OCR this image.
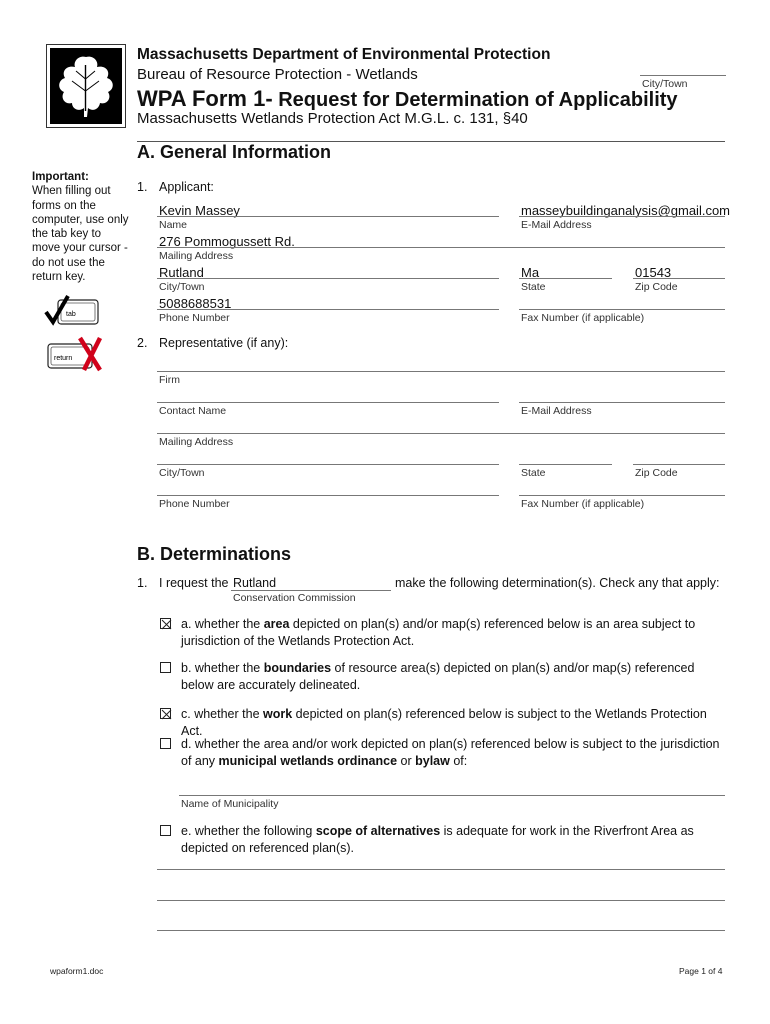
Massachusetts Department of Environmental Protection
Bureau of Resource Protection - Wetlands
WPA Form 1- Request for Determination of Applicability
Massachusetts Wetlands Protection Act M.G.L. c. 131, §40
City/Town
Important:
When filling out forms on the computer, use only the tab key to move your cursor - do not use the return key.
tab
return
A. General Information
1. Applicant:
Kevin Massey
Name
masseybuildinganalysis@gmail.com
E-Mail Address
276 Pommogussett Rd.
Mailing Address
Rutland
City/Town
Ma
State
01543
Zip Code
5088688531
Phone Number	Fax Number (if applicable)
2. Representative (if any):
Firm
Contact Name	E-Mail Address
Mailing Address
City/Town	State	Zip Code
Phone Number	Fax Number (if applicable)
B. Determinations
1. I request the Rutland	make the following determination(s). Check any that apply:
Conservation Commission
a. whether the area depicted on plan(s) and/or map(s) referenced below is an area subject to jurisdiction of the Wetlands Protection Act.
b. whether the boundaries of resource area(s) depicted on plan(s) and/or map(s) referenced below are accurately delineated.
c. whether the work depicted on plan(s) referenced below is subject to the Wetlands Protection Act.
d. whether the area and/or work depicted on plan(s) referenced below is subject to the jurisdiction of any municipal wetlands ordinance or bylaw of:
Name of Municipality
e. whether the following scope of alternatives is adequate for work in the Riverfront Area as depicted on referenced plan(s).
wpaform1.doc	Page 1 of 4
